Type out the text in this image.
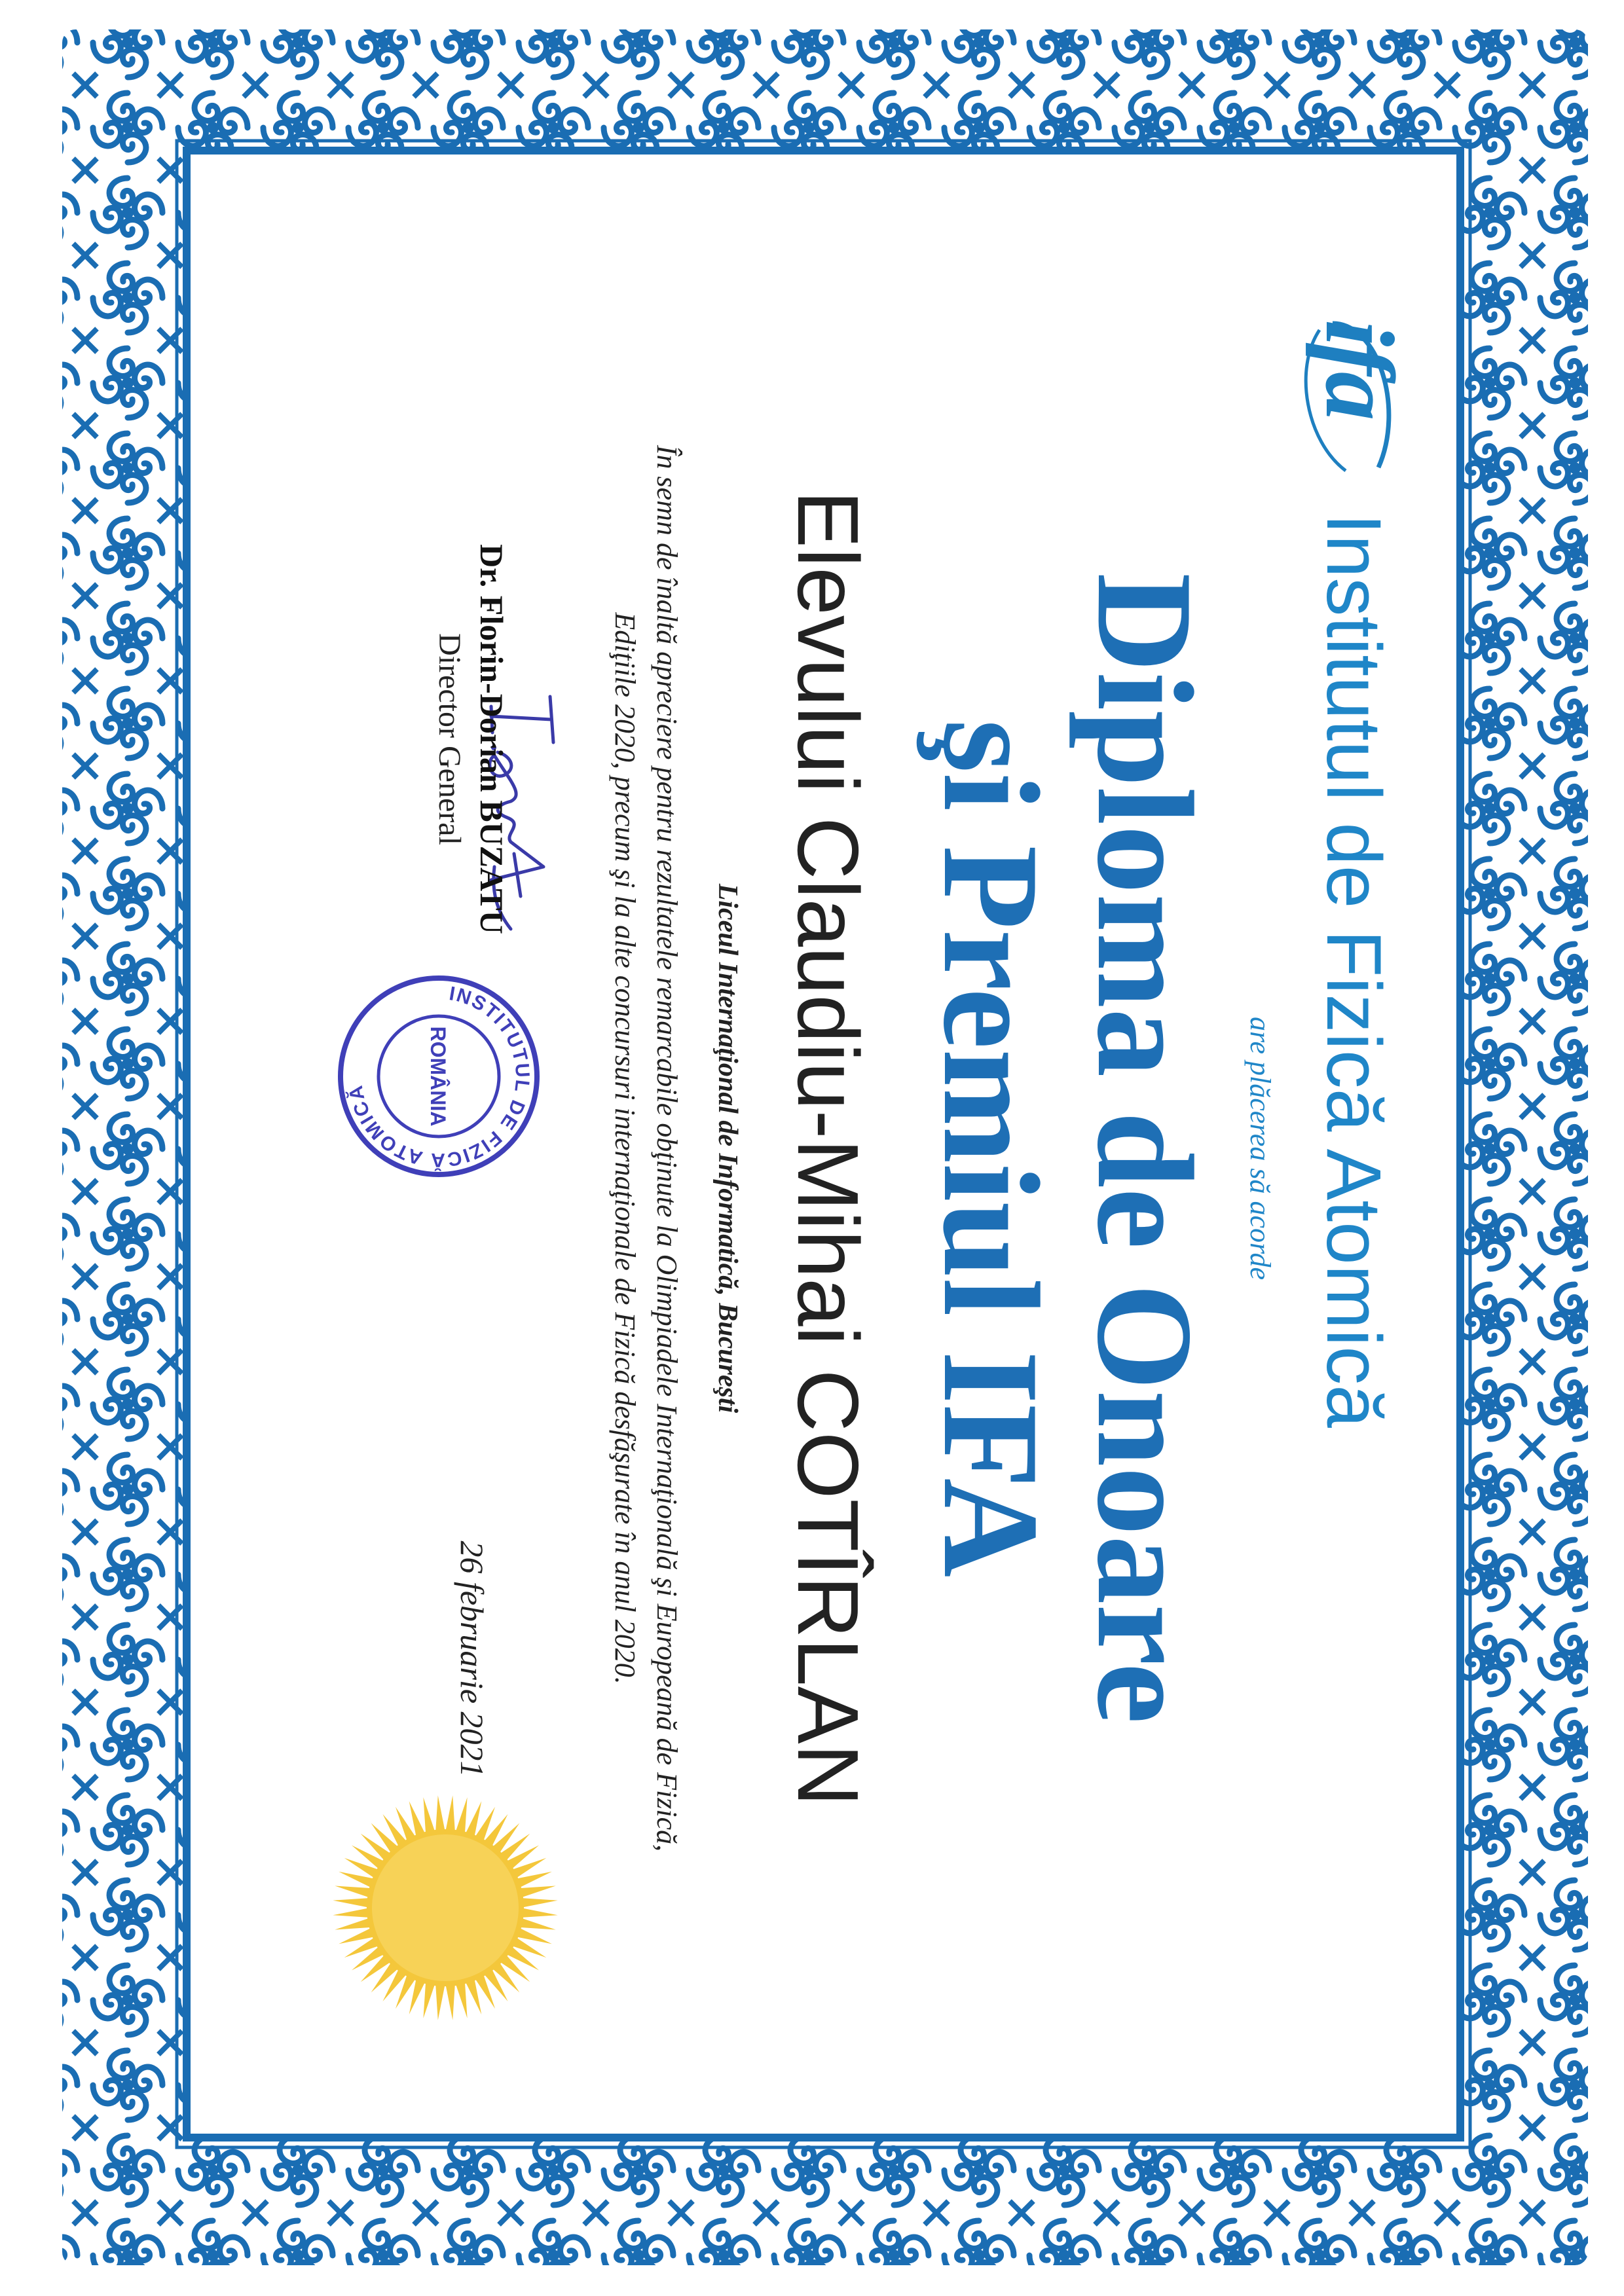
ifa
Institutul de Fizică Atomică
are plăcerea să acorde
Diploma de Onoare
şi Premiul IFA
Elevului Claudiu-Mihai COTÎRLAN
Liceul Internaţional de Informatică, Bucureşti
În semn de înaltă apreciere pentru rezultatele remarcabile obţinute la Olimpiadele Internaţională şi Europeană de Fizică,
Ediţiile 2020, precum şi la alte concursuri internaţionale de Fizică desfăşurate în anul 2020.
Dr. Florin-Dorian BUZATU
Director General
INSTITUTUL DE FIZICĂ ATOMICĂ	ROMÂNIA
26 februarie 2021
